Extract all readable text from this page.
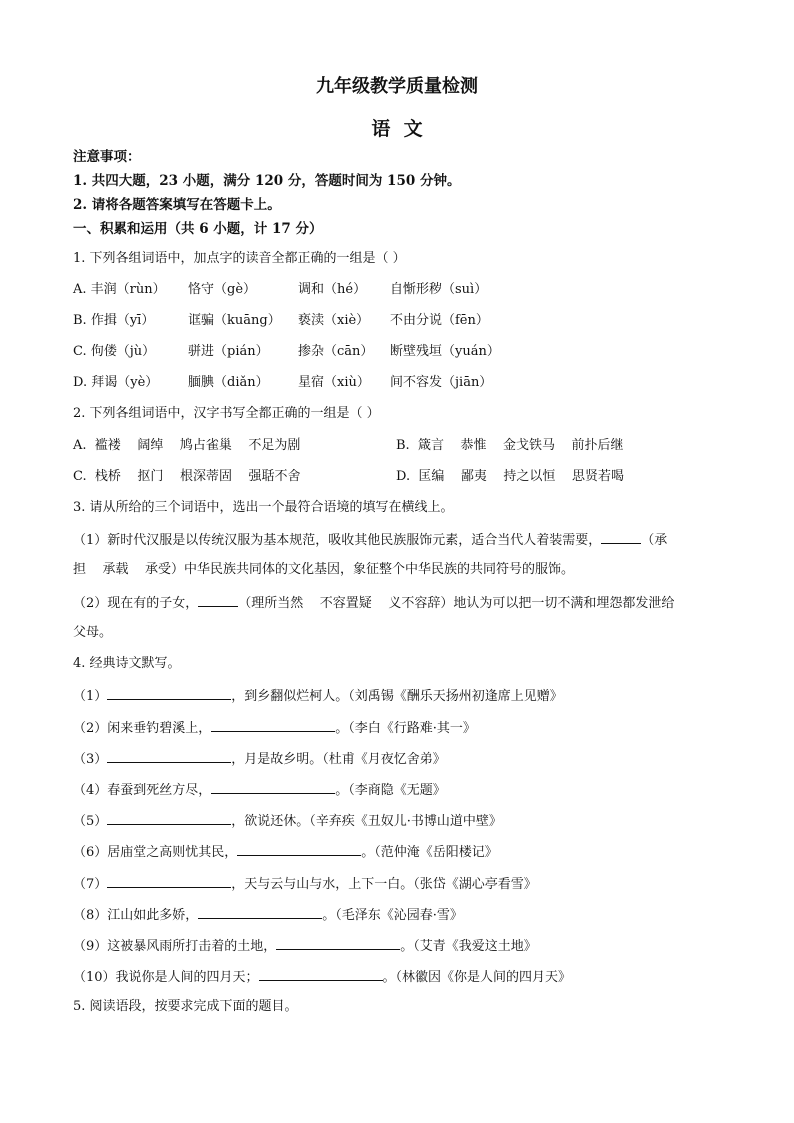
九年级教学质量检测
语  文
注意事项：
1. 共四大题，23 小题，满分 120 分，答题时间为 150 分钟。
2. 请将各题答案填写在答题卡上。
一、积累和运用（共 6 小题，计 17 分）
1. 下列各组词语中，加点字的读音全都正确的一组是（ ）
A. 丰润（rùn） 恪守（gè）	调和（hé） 自惭形秽（suì）
B. 作揖（yī）	诓骗（kuāng） 亵渎（xiè） 不由分说（fēn）
C. 佝偻（jù）	骈进（pián） 掺杂（cān） 断壁残垣（yuán）
D. 拜谒（yè） 腼腆（diǎn） 星宿（xiù） 间不容发（jiān）
2. 下列各组词语中，汉字书写全都正确的一组是（ ）
A.  褴褛    阔绰    鸠占雀巢    不足为剧	B.  箴言    恭惟    金戈铁马    前扑后继
C.  栈桥    抠门    根深蒂固    强聒不舍	D.  匡编    鄙夷    持之以恒    思贤若喝
3. 请从所给的三个词语中，选出一个最符合语境的填写在横线上。
（1）新时代汉服是以传统汉服为基本规范，吸收其他民族服饰元素，适合当代人着装需要，	（承
担    承载    承受）中华民族共同体的文化基因，象征整个中华民族的共同符号的服饰。
（2）现在有的子女，	（理所当然    不容置疑    义不容辞）地认为可以把一切不满和埋怨都发泄给
父母。
4. 经典诗文默写。
（1）	，到乡翻似烂柯人。（刘禹锡《酬乐天扬州初逢席上见赠》
（2）闲来垂钓碧溪上，	。（李白《行路难·其一》
（3）	，月是故乡明。（杜甫《月夜忆舍弟》
（4）春蚕到死丝方尽，	。（李商隐《无题》
（5）	，欲说还休。（辛弃疾《丑奴儿·书博山道中壁》
（6）居庙堂之高则忧其民，	。（范仲淹《岳阳楼记》
（7）	，天与云与山与水，上下一白。（张岱《湖心亭看雪》
（8）江山如此多娇，	。（毛泽东《沁园春·雪》
（9）这被暴风雨所打击着的土地，	。（艾青《我爱这土地》
（10）我说你是人间的四月天；	。（林徽因《你是人间的四月天》
5. 阅读语段，按要求完成下面的题目。
